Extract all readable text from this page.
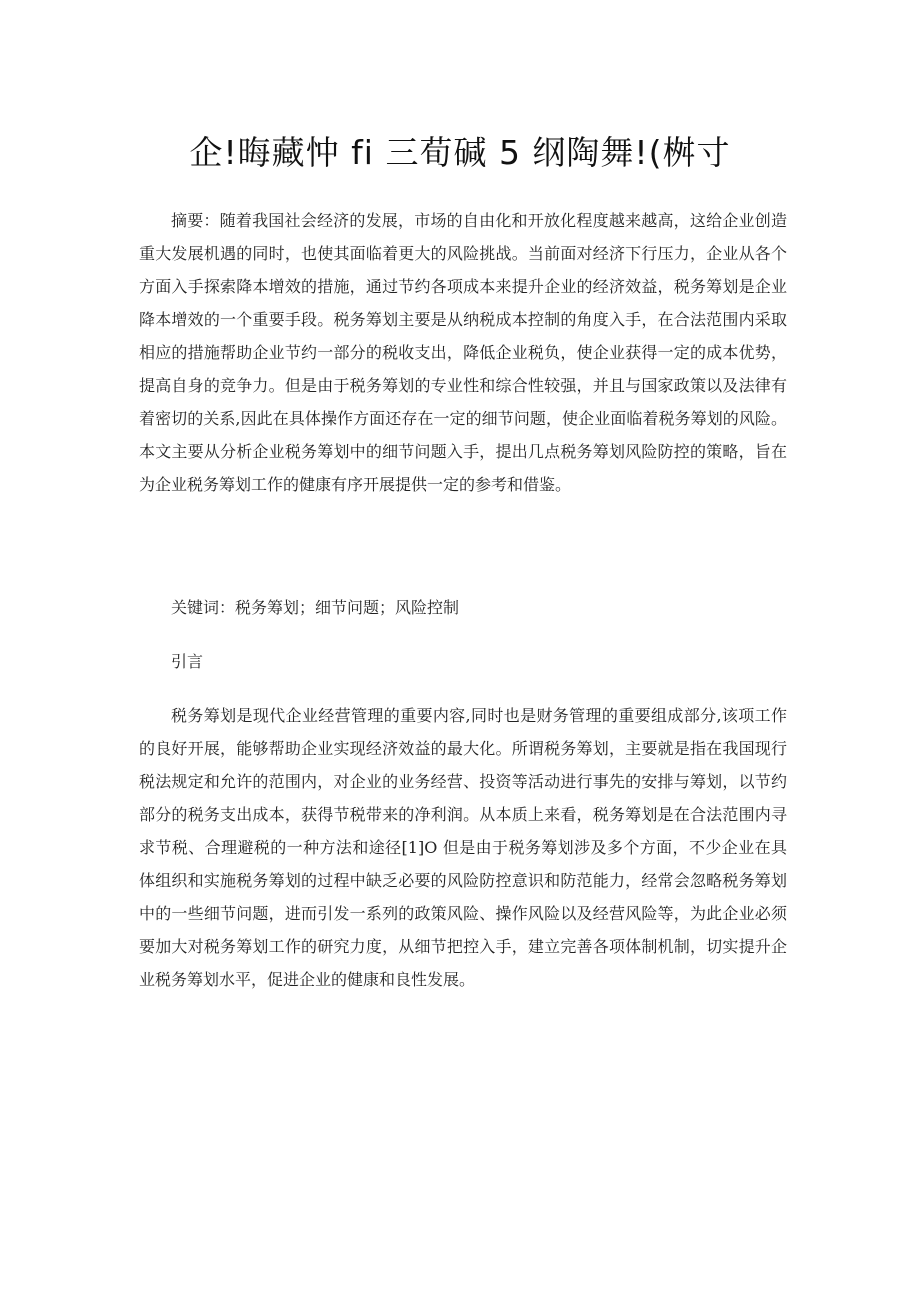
企!晦藏忡 fi 三荀碱 5 纲陶舞!(桝寸

摘要：随着我国社会经济的发展，市场的自由化和开放化程度越来越高，这给企业创造重大发展机遇的同时，也使其面临着更大的风险挑战。当前面对经济下行压力，企业从各个方面入手探索降本增效的措施，通过节约各项成本来提升企业的经济效益，税务筹划是企业降本增效的一个重要手段。税务筹划主要是从纳税成本控制的角度入手，在合法范围内采取相应的措施帮助企业节约一部分的税收支出，降低企业税负，使企业获得一定的成本优势，提高自身的竞争力。但是由于税务筹划的专业性和综合性较强，并且与国家政策以及法律有着密切的关系,因此在具体操作方面还存在一定的细节问题，使企业面临着税务筹划的风险。本文主要从分析企业税务筹划中的细节问题入手，提出几点税务筹划风险防控的策略，旨在为企业税务筹划工作的健康有序开展提供一定的参考和借鉴。

关键词：税务筹划；细节问题；风险控制

引言

税务筹划是现代企业经营管理的重要内容,同时也是财务管理的重要组成部分,该项工作的良好开展，能够帮助企业实现经济效益的最大化。所谓税务筹划，主要就是指在我国现行税法规定和允许的范围内，对企业的业务经营、投资等活动进行事先的安排与筹划，以节约部分的税务支出成本，获得节税带来的净利润。从本质上来看，税务筹划是在合法范围内寻求节税、合理避税的一种方法和途径[1]O 但是由于税务筹划涉及多个方面，不少企业在具体组织和实施税务筹划的过程中缺乏必要的风险防控意识和防范能力，经常会忽略税务筹划中的一些细节问题，进而引发一系列的政策风险、操作风险以及经营风险等，为此企业必须要加大对税务筹划工作的研究力度，从细节把控入手，建立完善各项体制机制，切实提升企业税务筹划水平，促进企业的健康和良性发展。
